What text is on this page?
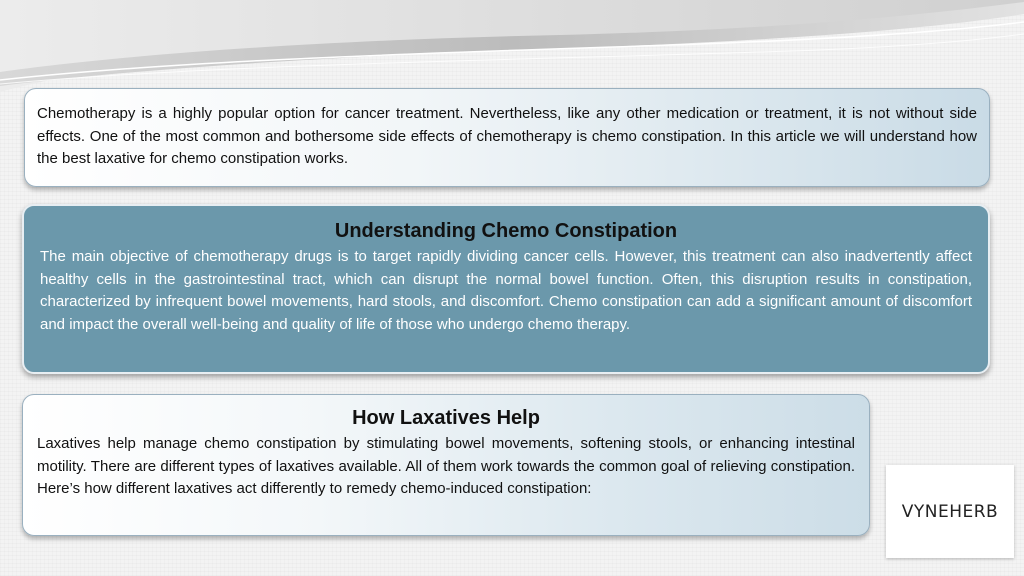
Chemotherapy is a highly popular option for cancer treatment. Nevertheless, like any other medication or treatment, it is not without side effects. One of the most common and bothersome side effects of chemotherapy is chemo constipation. In this article we will understand how the best laxative for chemo constipation works.
Understanding Chemo Constipation
The main objective of chemotherapy drugs is to target rapidly dividing cancer cells. However, this treatment can also inadvertently affect healthy cells in the gastrointestinal tract, which can disrupt the normal bowel function. Often, this disruption results in constipation, characterized by infrequent bowel movements, hard stools, and discomfort. Chemo constipation can add a significant amount of discomfort and impact the overall well-being and quality of life of those who undergo chemo therapy.
How Laxatives Help
Laxatives help manage chemo constipation by stimulating bowel movements, softening stools, or enhancing intestinal motility. There are different types of laxatives available. All of them work towards the common goal of relieving constipation. Here’s how different laxatives act differently to remedy chemo-induced constipation:
VYNEHERB
